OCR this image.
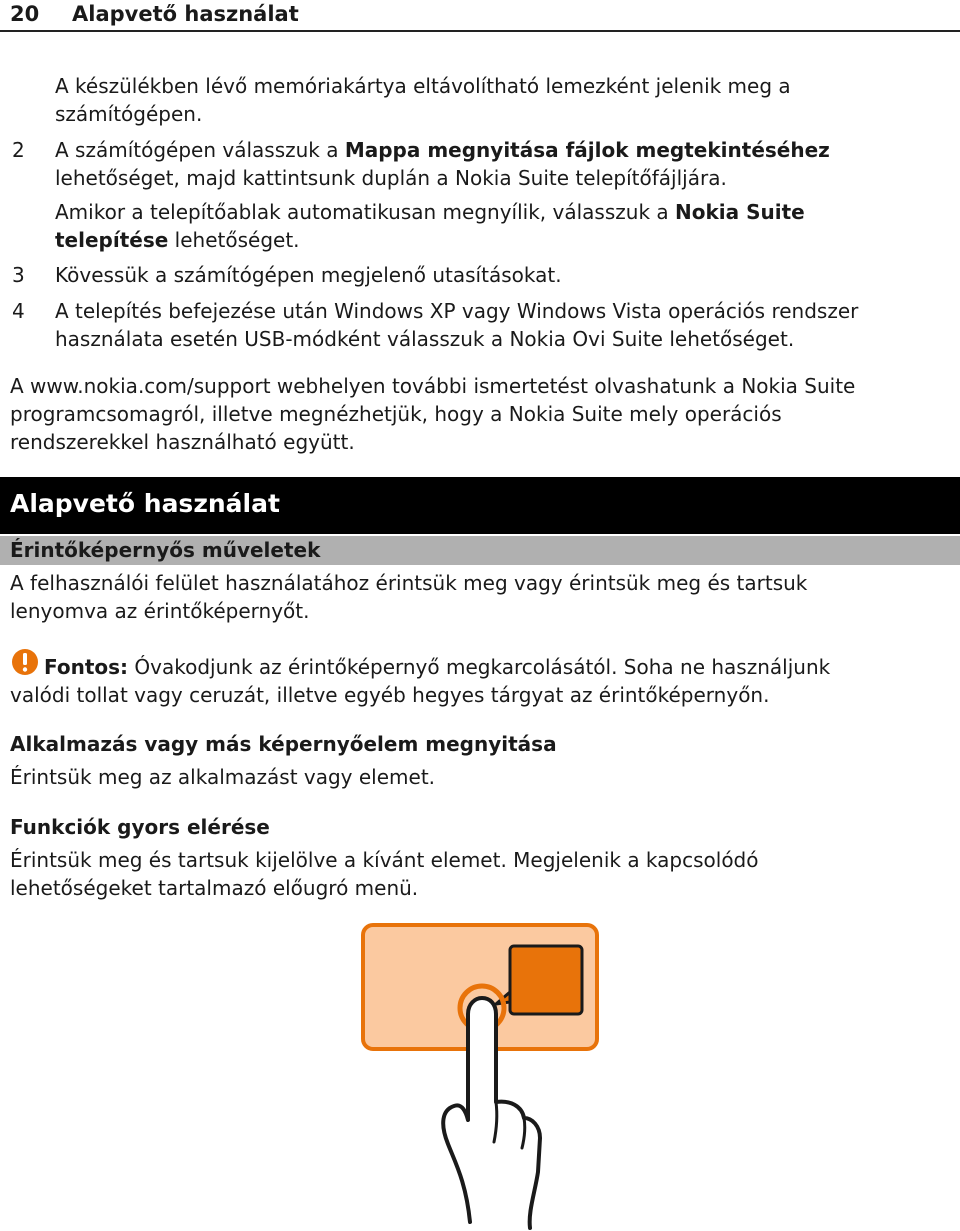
20 Alapvető használat

A készülékben lévő memóriakártya eltávolítható lemezként jelenik meg a
számítógépen.

2 A számítógépen válasszuk a Mappa megnyitása fájlok megtekintéséhez
lehetőséget, majd kattintsunk duplán a Nokia Suite telepítőfájljára.

Amikor a telepítőablak automatikusan megnyílik, válasszuk a Nokia Suite
telepítése lehetőséget.

3 Kövessük a számítógépen megjelenő utasításokat.

4 A telepítés befejezése után Windows XP vagy Windows Vista operációs rendszer
használata esetén USB-módként válasszuk a Nokia Ovi Suite lehetőséget.

A www.nokia.com/support webhelyen további ismertetést olvashatunk a Nokia Suite
programcsomagról, illetve megnézhetjük, hogy a Nokia Suite mely operációs
rendszerekkel használható együtt.

Alapvető használat
Érintőképernyős műveletek

A felhasználói felület használatához érintsük meg vagy érintsük meg és tartsuk
lenyomva az érintőképernyőt.

Fontos: Óvakodjunk az érintőképernyő megkarcolásától. Soha ne használjunk
valódi tollat vagy ceruzát, illetve egyéb hegyes tárgyat az érintőképernyőn.

Alkalmazás vagy más képernyőelem megnyitása

Érintsük meg az alkalmazást vagy elemet.

Funkciók gyors elérése

Érintsük meg és tartsuk kijelölve a kívánt elemet. Megjelenik a kapcsolódó
lehetőségeket tartalmazó előugró menü.
